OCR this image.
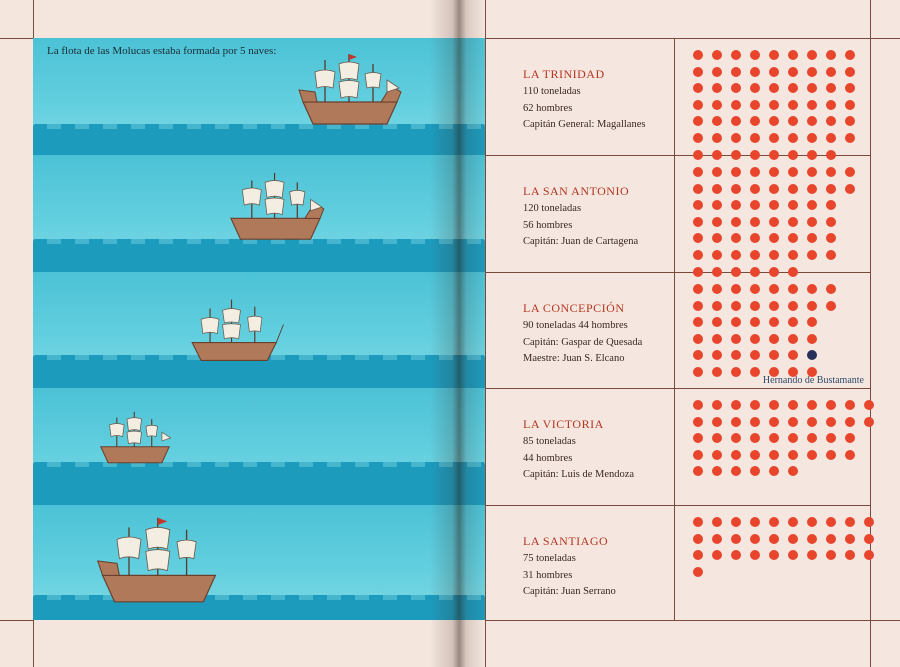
La flota de las Molucas estaba formada por 5 naves:
LA TRINIDAD
110 toneladas
62 hombres
Capitán General: Magallanes
LA SAN ANTONIO
120 toneladas
56 hombres
Capitán: Juan de Cartagena
LA CONCEPCIÓN
90 toneladas 44 hombres
Capitán: Gaspar de Quesada
Maestre: Juan S. Elcano
Hernando de Bustamante
LA VICTORIA
85 toneladas
44 hombres
Capitán: Luis de Mendoza
LA SANTIAGO
75 toneladas
31 hombres
Capitán: Juan Serrano
